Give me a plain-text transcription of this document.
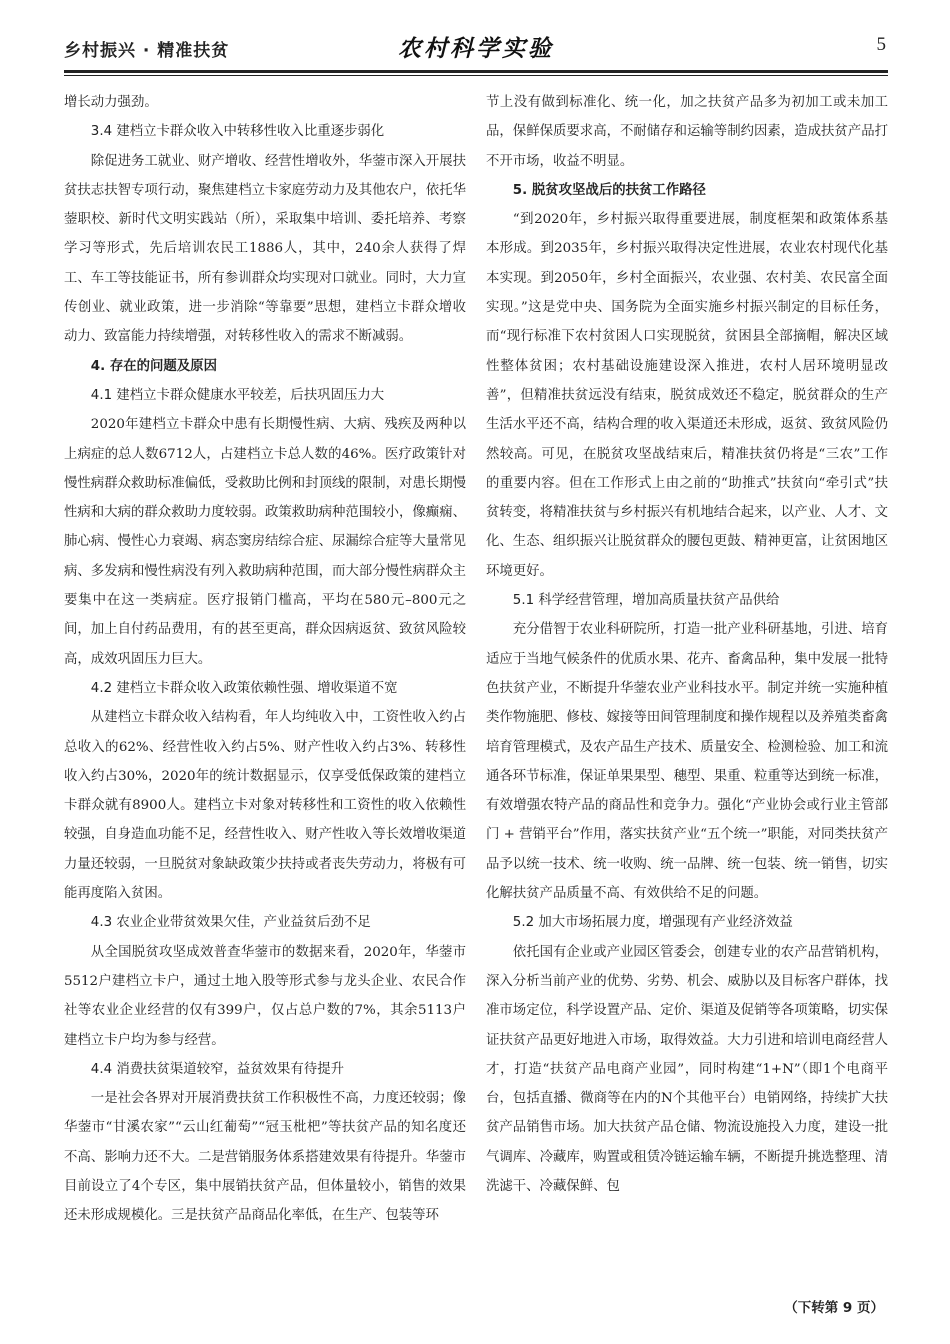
乡村振兴 · 精准扶贫	农村科学实验	5

增长动力强劲。

3.4 建档立卡群众收入中转移性收入比重逐步弱化

除促进务工就业、财产增收、经营性增收外，华蓥市深入开展扶贫扶志扶智专项行动，聚焦建档立卡家庭劳动力及其他农户，依托华蓥职校、新时代文明实践站（所），采取集中培训、委托培养、考察学习等形式，先后培训农民工1886人，其中，240余人获得了焊工、车工等技能证书，所有参训群众均实现对口就业。同时，大力宣传创业、就业政策，进一步消除“等靠要”思想，建档立卡群众增收动力、致富能力持续增强，对转移性收入的需求不断减弱。

4. 存在的问题及原因
4.1 建档立卡群众健康水平较差，后扶巩固压力大

2020年建档立卡群众中患有长期慢性病、大病、残疾及两种以上病症的总人数6712人，占建档立卡总人数的46%。医疗政策针对慢性病群众救助标准偏低，受救助比例和封顶线的限制，对患长期慢性病和大病的群众救助力度较弱。政策救助病种范围较小，像癫痫、肺心病、慢性心力衰竭、病态窦房结综合症、尿漏综合症等大量常见病、多发病和慢性病没有列入救助病种范围，而大部分慢性病群众主要集中在这一类病症。医疗报销门槛高，平均在580元–800元之间，加上自付药品费用，有的甚至更高，群众因病返贫、致贫风险较高，成效巩固压力巨大。

4.2 建档立卡群众收入政策依赖性强、增收渠道不宽

从建档立卡群众收入结构看，年人均纯收入中，工资性收入约占总收入的62%、经营性收入约占5%、财产性收入约占3%、转移性收入约占30%，2020年的统计数据显示，仅享受低保政策的建档立卡群众就有8900人。建档立卡对象对转移性和工资性的收入依赖性较强，自身造血功能不足，经营性收入、财产性收入等长效增收渠道力量还较弱，一旦脱贫对象缺政策少扶持或者丧失劳动力，将极有可能再度陷入贫困。

4.3 农业企业带贫效果欠佳，产业益贫后劲不足

从全国脱贫攻坚成效普查华蓥市的数据来看，2020年，华蓥市5512户建档立卡户，通过土地入股等形式参与龙头企业、农民合作社等农业企业经营的仅有399户，仅占总户数的7%，其余5113户建档立卡户均为参与经营。

4.4 消费扶贫渠道较窄，益贫效果有待提升

一是社会各界对开展消费扶贫工作积极性不高，力度还较弱；像华蓥市“甘溪农家”“云山红葡萄”“冠玉枇杷”等扶贫产品的知名度还不高、影响力还不大。二是营销服务体系搭建效果有待提升。华蓥市目前设立了4个专区，集中展销扶贫产品，但体量较小，销售的效果还未形成规模化。三是扶贫产品商品化率低，在生产、包装等环

节上没有做到标准化、统一化，加之扶贫产品多为初加工或未加工品，保鲜保质要求高，不耐储存和运输等制约因素，造成扶贫产品打不开市场，收益不明显。

5. 脱贫攻坚战后的扶贫工作路径

“到2020年，乡村振兴取得重要进展，制度框架和政策体系基本形成。到2035年，乡村振兴取得决定性进展，农业农村现代化基本实现。到2050年，乡村全面振兴，农业强、农村美、农民富全面实现。”这是党中央、国务院为全面实施乡村振兴制定的目标任务，而“现行标准下农村贫困人口实现脱贫，贫困县全部摘帽，解决区域性整体贫困；农村基础设施建设深入推进，农村人居环境明显改善”，但精准扶贫远没有结束，脱贫成效还不稳定，脱贫群众的生产生活水平还不高，结构合理的收入渠道还未形成，返贫、致贫风险仍然较高。可见，在脱贫攻坚战结束后，精准扶贫仍将是“三农”工作的重要内容。但在工作形式上由之前的“助推式”扶贫向“牵引式”扶贫转变，将精准扶贫与乡村振兴有机地结合起来，以产业、人才、文化、生态、组织振兴让脱贫群众的腰包更鼓、精神更富，让贫困地区环境更好。

5.1 科学经营管理，增加高质量扶贫产品供给

充分借智于农业科研院所，打造一批产业科研基地，引进、培育适应于当地气候条件的优质水果、花卉、畜禽品种，集中发展一批特色扶贫产业，不断提升华蓥农业产业科技水平。制定并统一实施种植类作物施肥、修枝、嫁接等田间管理制度和操作规程以及养殖类畜禽培育管理模式，及农产品生产技术、质量安全、检测检验、加工和流通各环节标准，保证单果果型、穗型、果重、粒重等达到统一标准，有效增强农特产品的商品性和竞争力。强化“产业协会或行业主管部门 + 营销平台”作用，落实扶贫产业“五个统一”职能，对同类扶贫产品予以统一技术、统一收购、统一品牌、统一包装、统一销售，切实化解扶贫产品质量不高、有效供给不足的问题。

5.2 加大市场拓展力度，增强现有产业经济效益

依托国有企业或产业园区管委会，创建专业的农产品营销机构，深入分析当前产业的优势、劣势、机会、威胁以及目标客户群体，找准市场定位，科学设置产品、定价、渠道及促销等各项策略，切实保证扶贫产品更好地进入市场，取得效益。大力引进和培训电商经营人才，打造“扶贫产品电商产业园”，同时构建“1+N”（即1个电商平台，包括直播、微商等在内的N个其他平台）电销网络，持续扩大扶贫产品销售市场。加大扶贫产品仓储、物流设施投入力度，建设一批气调库、冷藏库，购置或租赁冷链运输车辆，不断提升挑选整理、清洗滤干、冷藏保鲜、包

（下转第 9 页）
